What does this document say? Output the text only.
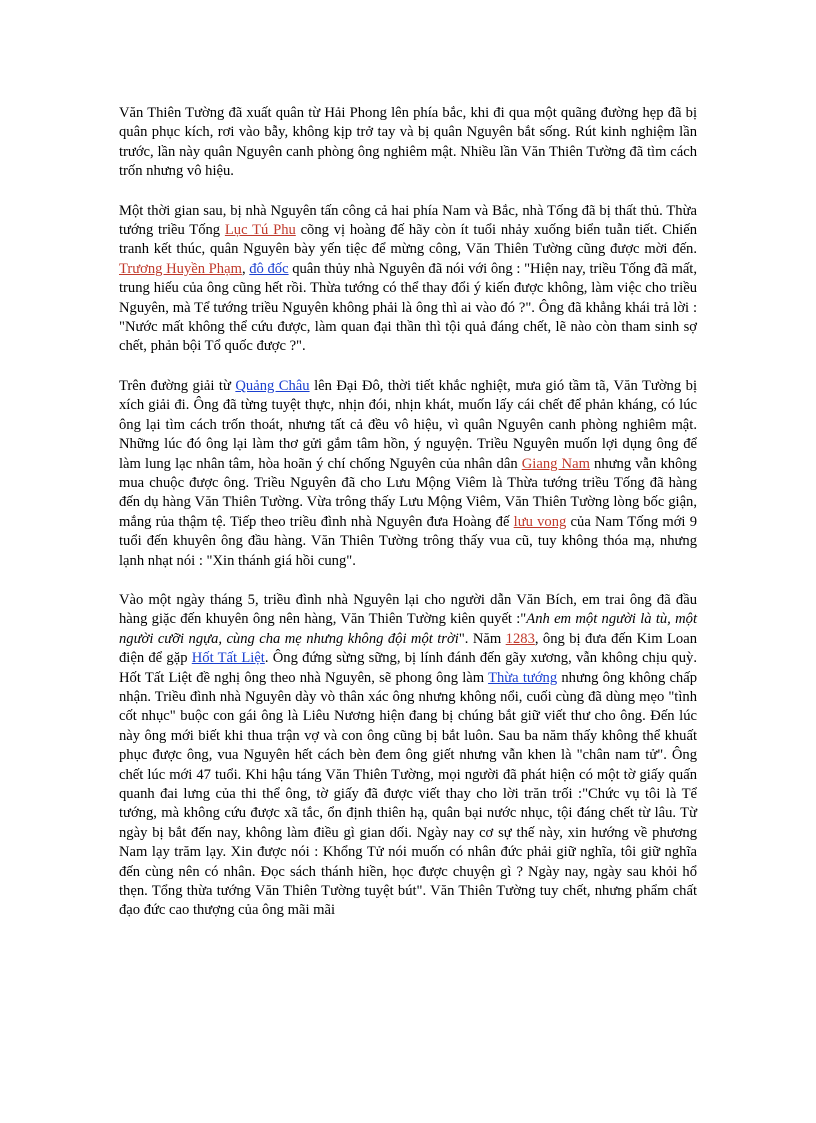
Văn Thiên Tường đã xuất quân từ Hải Phong lên phía bắc, khi đi qua một quãng đường hẹp đã bị quân phục kích, rơi vào bẫy, không kịp trở tay và bị quân Nguyên bắt sống. Rút kinh nghiệm lần trước, lần này quân Nguyên canh phòng ông nghiêm mật. Nhiều lần Văn Thiên Tường đã tìm cách trốn nhưng vô hiệu.

Một thời gian sau, bị nhà Nguyên tấn công cả hai phía Nam và Bắc, nhà Tống đã bị thất thủ. Thừa tướng triều Tống Lục Tú Phu cõng vị hoàng đế hãy còn ít tuổi nhảy xuống biển tuẫn tiết. Chiến tranh kết thúc, quân Nguyên bày yến tiệc để mừng công, Văn Thiên Tường cũng được mời đến. Trương Huyền Phạm, đô đốc quân thủy nhà Nguyên đã nói với ông : "Hiện nay, triều Tống đã mất, trung hiếu của ông cũng hết rồi. Thừa tướng có thể thay đổi ý kiến được không, làm việc cho triều Nguyên, mà Tể tướng triều Nguyên không phải là ông thì ai vào đó ?". Ông đã khẳng khái trả lời : "Nước mất không thể cứu được, làm quan đại thần thì tội quả đáng chết, lẽ nào còn tham sinh sợ chết, phản bội Tổ quốc được ?".

Trên đường giải từ Quảng Châu lên Đại Đô, thời tiết khắc nghiệt, mưa gió tầm tã, Văn Tường bị xích giải đi. Ông đã từng tuyệt thực, nhịn đói, nhịn khát, muốn lấy cái chết để phản kháng, có lúc ông lại tìm cách trốn thoát, nhưng tất cả đều vô hiệu, vì quân Nguyên canh phòng nghiêm mật. Những lúc đó ông lại làm thơ gửi gắm tâm hồn, ý nguyện. Triều Nguyên muốn lợi dụng ông để làm lung lạc nhân tâm, hòa hoãn ý chí chống Nguyên của nhân dân Giang Nam nhưng vẫn không mua chuộc được ông. Triều Nguyên đã cho Lưu Mộng Viêm là Thừa tướng triều Tống đã hàng đến dụ hàng Văn Thiên Tường. Vừa trông thấy Lưu Mộng Viêm, Văn Thiên Tường lòng bốc giận, mắng rủa thậm tệ. Tiếp theo triều đình nhà Nguyên đưa Hoàng đế lưu vong của Nam Tống mới 9 tuổi đến khuyên ông đầu hàng. Văn Thiên Tường trông thấy vua cũ, tuy không thóa mạ, nhưng lạnh nhạt nói : "Xin thánh giá hồi cung".

Vào một ngày tháng 5, triều đình nhà Nguyên lại cho người dẫn Văn Bích, em trai ông đã đầu hàng giặc đến khuyên ông nên hàng, Văn Thiên Tường kiên quyết :"Anh em một người là tù, một người cưỡi ngựa, cùng cha mẹ nhưng không đội một trời". Năm 1283, ông bị đưa đến Kim Loan điện để gặp Hốt Tất Liệt. Ông đứng sừng sững, bị lính đánh đến gãy xương, vẫn không chịu quỳ. Hốt Tất Liệt đề nghị ông theo nhà Nguyên, sẽ phong ông làm Thừa tướng nhưng ông không chấp nhận. Triều đình nhà Nguyên dày vò thân xác ông nhưng không nổi, cuối cùng đã dùng mẹo "tình cốt nhục" buộc con gái ông là Liêu Nương hiện đang bị chúng bắt giữ viết thư cho ông. Đến lúc này ông mới biết khi thua trận vợ và con ông cũng bị bắt luôn. Sau ba năm thấy không thể khuất phục được ông, vua Nguyên hết cách bèn đem ông giết nhưng vẫn khen là "chân nam tử". Ông chết lúc mới 47 tuổi. Khi hậu táng Văn Thiên Tường, mọi người đã phát hiện có một tờ giấy quấn quanh đai lưng của thi thể ông, tờ giấy đã được viết thay cho lời trăn trối :"Chức vụ tôi là Tể tướng, mà không cứu được xã tắc, ổn định thiên hạ, quân bại nước nhục, tội đáng chết từ lâu. Từ ngày bị bắt đến nay, không làm điều gì gian dối. Ngày nay cơ sự thế này, xin hướng về phương Nam lạy trăm lạy. Xin được nói : Khổng Tử nói muốn có nhân đức phải giữ nghĩa, tôi giữ nghĩa đến cùng nên có nhân. Đọc sách thánh hiền, học được chuyện gì ? Ngày nay, ngày sau khỏi hổ thẹn. Tổng thừa tướng Văn Thiên Tường tuyệt bút". Văn Thiên Tường tuy chết, nhưng phẩm chất đạo đức cao thượng của ông mãi mãi
